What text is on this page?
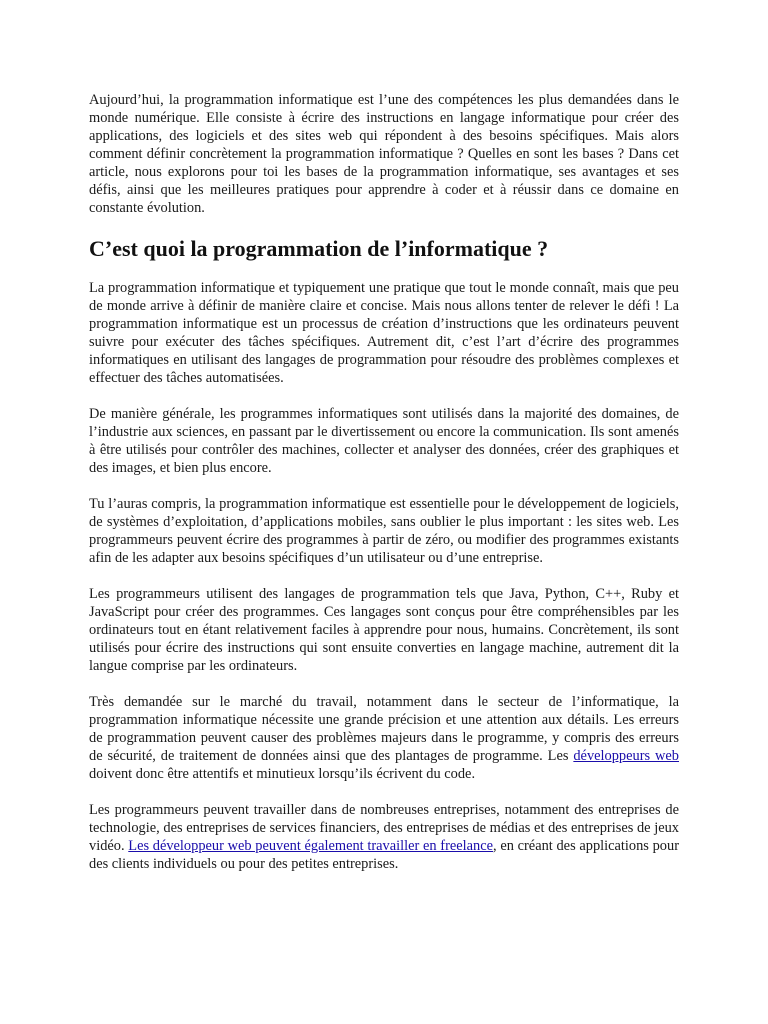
Aujourd’hui, la programmation informatique est l’une des compétences les plus demandées dans le monde numérique. Elle consiste à écrire des instructions en langage informatique pour créer des applications, des logiciels et des sites web qui répondent à des besoins spécifiques. Mais alors comment définir concrètement la programmation informatique ? Quelles en sont les bases ? Dans cet article, nous explorons pour toi les bases de la programmation informatique, ses avantages et ses défis, ainsi que les meilleures pratiques pour apprendre à coder et à réussir dans ce domaine en constante évolution.

C’est quoi la programmation de l’informatique ?

La programmation informatique et typiquement une pratique que tout le monde connaît, mais que peu de monde arrive à définir de manière claire et concise. Mais nous allons tenter de relever le défi ! La programmation informatique est un processus de création d’instructions que les ordinateurs peuvent suivre pour exécuter des tâches spécifiques. Autrement dit, c’est l’art d’écrire des programmes informatiques en utilisant des langages de programmation pour résoudre des problèmes complexes et effectuer des tâches automatisées.

De manière générale, les programmes informatiques sont utilisés dans la majorité des domaines, de l’industrie aux sciences, en passant par le divertissement ou encore la communication. Ils sont amenés à être utilisés pour contrôler des machines, collecter et analyser des données, créer des graphiques et des images, et bien plus encore.

Tu l’auras compris, la programmation informatique est essentielle pour le développement de logiciels, de systèmes d’exploitation, d’applications mobiles, sans oublier le plus important : les sites web. Les programmeurs peuvent écrire des programmes à partir de zéro, ou modifier des programmes existants afin de les adapter aux besoins spécifiques d’un utilisateur ou d’une entreprise.

Les programmeurs utilisent des langages de programmation tels que Java, Python, C++, Ruby et JavaScript pour créer des programmes. Ces langages sont conçus pour être compréhensibles par les ordinateurs tout en étant relativement faciles à apprendre pour nous, humains. Concrètement, ils sont utilisés pour écrire des instructions qui sont ensuite converties en langage machine, autrement dit la langue comprise par les ordinateurs.

Très demandée sur le marché du travail, notamment dans le secteur de l’informatique, la programmation informatique nécessite une grande précision et une attention aux détails. Les erreurs de programmation peuvent causer des problèmes majeurs dans le programme, y compris des erreurs de sécurité, de traitement de données ainsi que des plantages de programme. Les développeurs web doivent donc être attentifs et minutieux lorsqu’ils écrivent du code.

Les programmeurs peuvent travailler dans de nombreuses entreprises, notamment des entreprises de technologie, des entreprises de services financiers, des entreprises de médias et des entreprises de jeux vidéo. Les développeur web peuvent également travailler en freelance, en créant des applications pour des clients individuels ou pour des petites entreprises.
